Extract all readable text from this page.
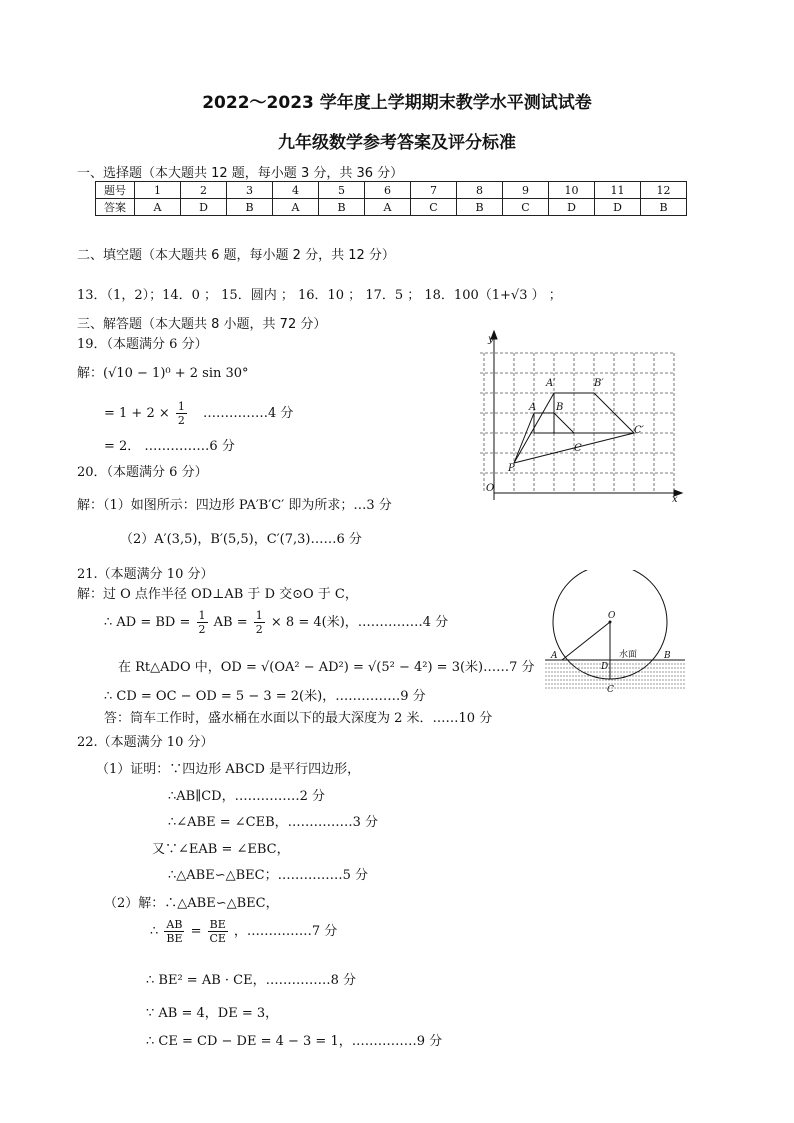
2022～2023 学年度上学期期末教学水平测试试卷
九年级数学参考答案及评分标准
一、选择题（本大题共 12 题，每小题 3 分，共 36 分）
题号	1	2	3	4	5	6	7	8	9	10	11	12
答案	A	D	B	A	B	A	C	B	C	D	D	B
二、填空题（本大题共 6 题，每小题 2 分，共 12 分）
13．（1，2）；14．0 ； 15．圆内 ； 16．10 ； 17．5 ； 18．100（1+√3 ） ；
三、解答题（本大题共 8 小题，共 72 分）
19．（本题满分 6 分）
解：(√10 − 1)⁰ + 2 sin 30°
= $1 + 2 \times \frac{1}{2}$ ……………4 分
= 2． ……………6 分
20．（本题满分 6 分）
解：（1）如图所示：四边形 PA′B′C′ 即为所求；…3 分
（2）A′(3,5)，B′(5,5)，C′(7,3)……6 分
21.（本题满分 10 分）
解：过 O 点作半径 OD⊥AB 于 D 交⊙O 于 C，
∴ AD = BD = $\frac{1}{2}$ AB = $\frac{1}{2} \times 8 = 4$(米)，……………4 分
在 Rt△ADO 中，OD = √(OA² − AD²) = √(5² − 4²) = 3(米)……7 分
∴ CD = OC − OD = 5 − 3 = 2(米)，……………9 分
答：筒车工作时，盛水桶在水面以下的最大深度为 2 米．……10 分
22.（本题满分 10 分）
（1）证明：∵四边形 ABCD 是平行四边形，
∴AB∥CD，……………2 分
∴∠ABE = ∠CEB，……………3 分
又∵∠EAB = ∠EBC，
∴△ABE∽△BEC；……………5 分
（2）解：∴△ABE∽△BEC，
∴ $\frac{AB}{BE} = \frac{BE}{CE}$ ，……………7 分
∴ BE² = AB · CE，……………8 分
∵ AB = 4，DE = 3，
∴ CE = CD − DE = 4 − 3 = 1，……………9 分
y
x
O
A′	B′
A B
C′
C
P
O
A	B
D
C
水面
